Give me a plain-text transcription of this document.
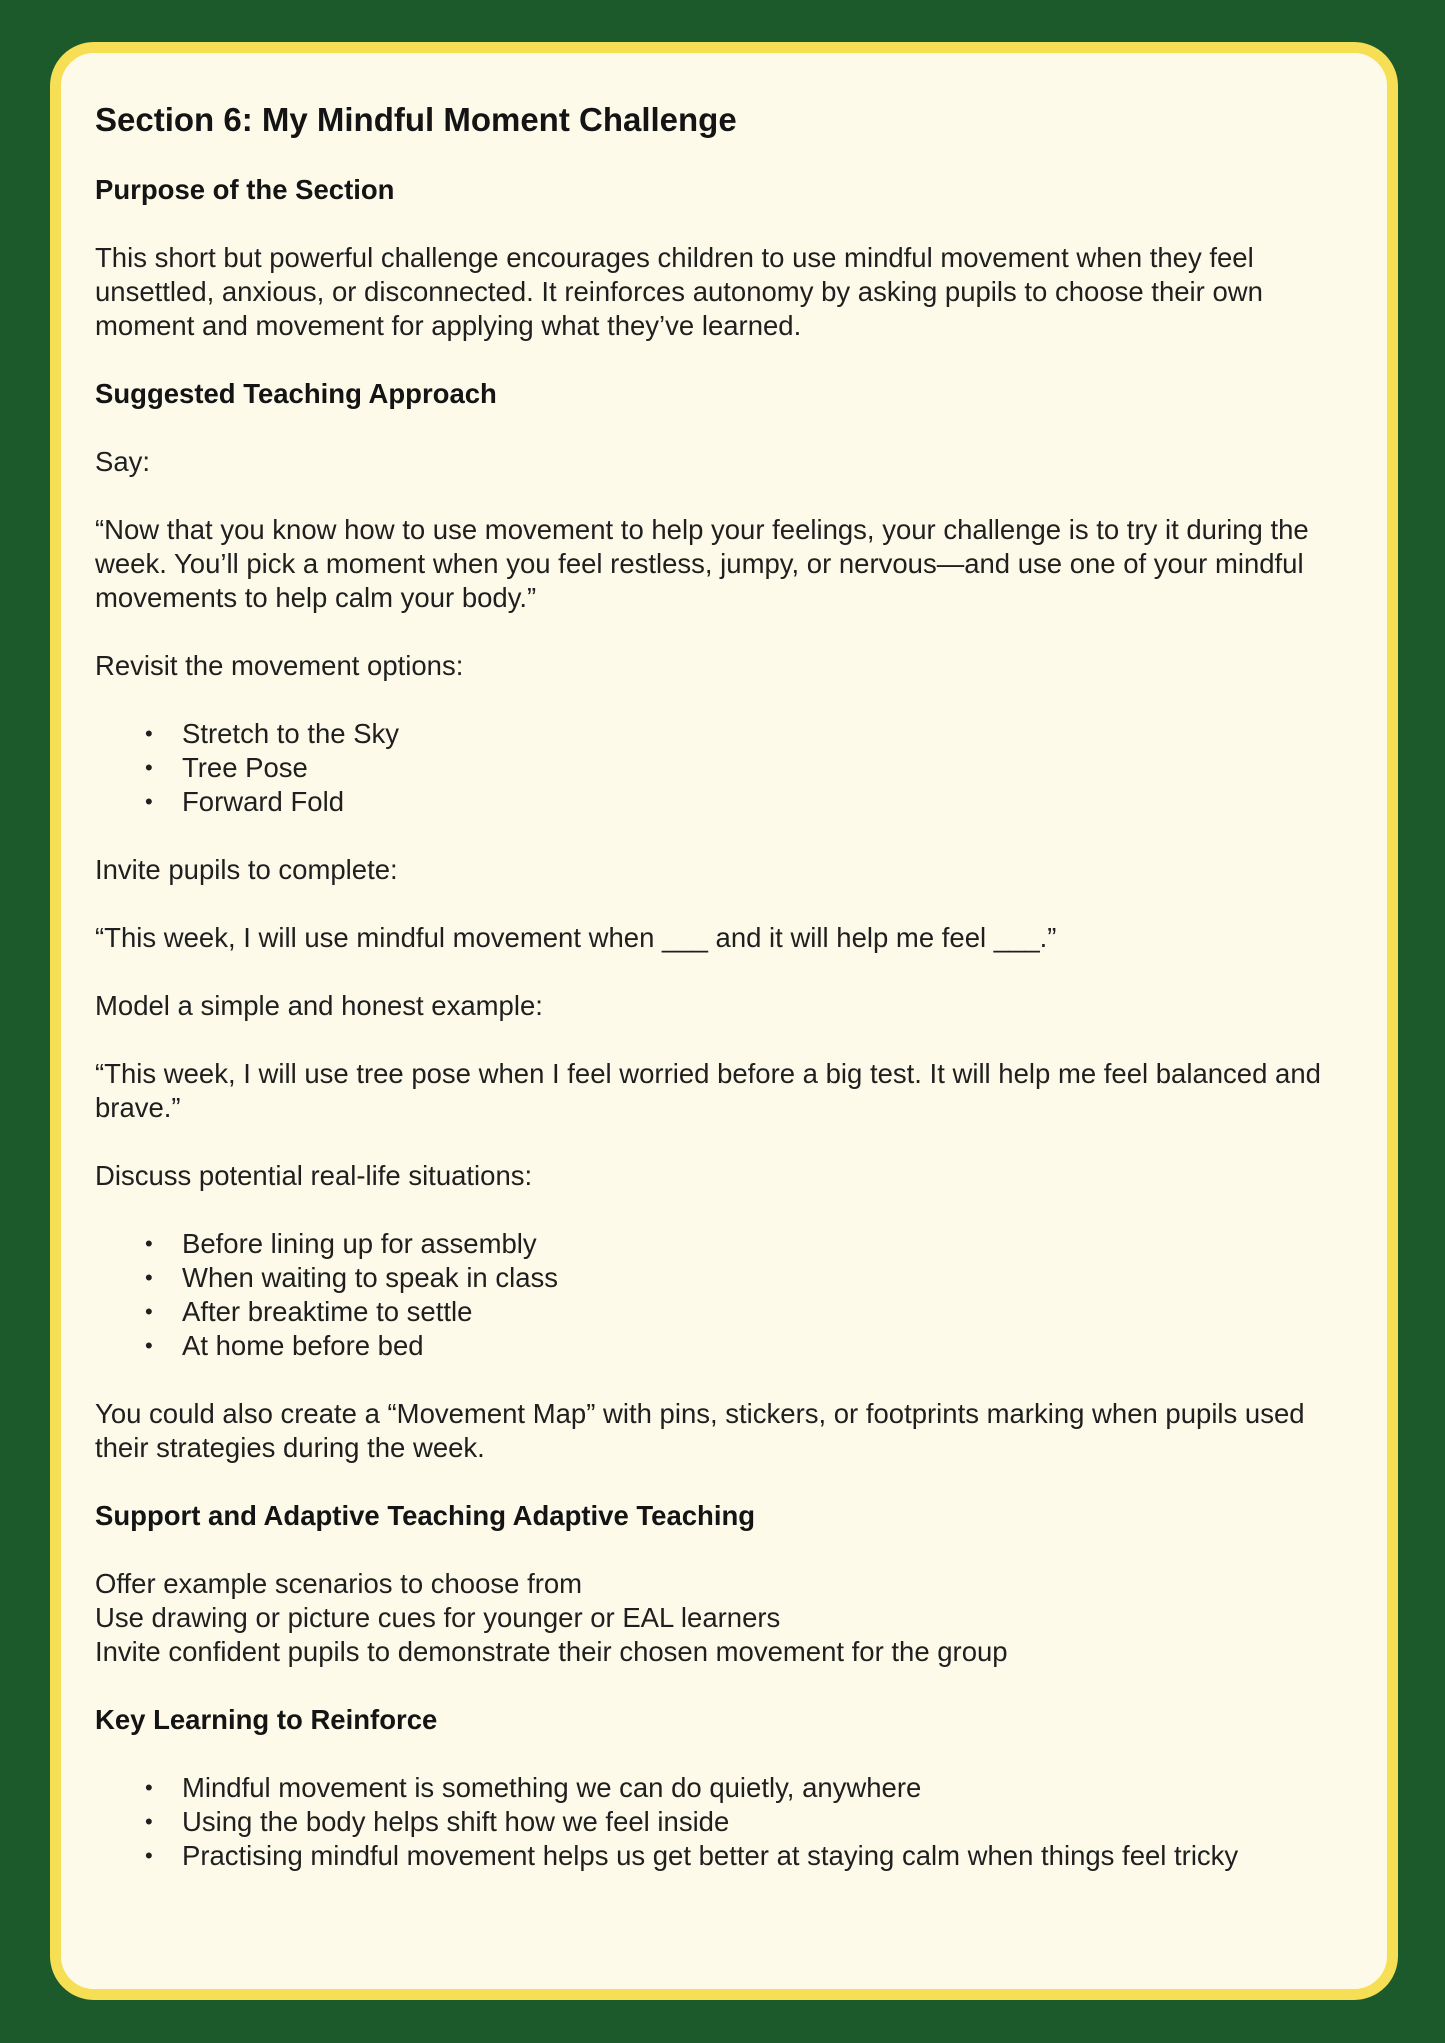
Section 6: My Mindful Moment Challenge
Purpose of the Section

This short but powerful challenge encourages children to use mindful movement when they feel unsettled, anxious, or disconnected. It reinforces autonomy by asking pupils to choose their own moment and movement for applying what they’ve learned.

Suggested Teaching Approach

Say:

“Now that you know how to use movement to help your feelings, your challenge is to try it during the week. You’ll pick a moment when you feel restless, jumpy, or nervous—and use one of your mindful movements to help calm your body.”

Revisit the movement options:

• Stretch to the Sky
• Tree Pose
• Forward Fold

Invite pupils to complete:

“This week, I will use mindful movement when ___ and it will help me feel ___.”

Model a simple and honest example:

“This week, I will use tree pose when I feel worried before a big test. It will help me feel balanced and brave.”

Discuss potential real-life situations:

• Before lining up for assembly
• When waiting to speak in class
• After breaktime to settle
• At home before bed

You could also create a “Movement Map” with pins, stickers, or footprints marking when pupils used their strategies during the week.

Support and Adaptive Teaching Adaptive Teaching

Offer example scenarios to choose from

Use drawing or picture cues for younger or EAL learners

Invite confident pupils to demonstrate their chosen movement for the group

Key Learning to Reinforce
• Mindful movement is something we can do quietly, anywhere
• Using the body helps shift how we feel inside
• Practising mindful movement helps us get better at staying calm when things feel tricky
